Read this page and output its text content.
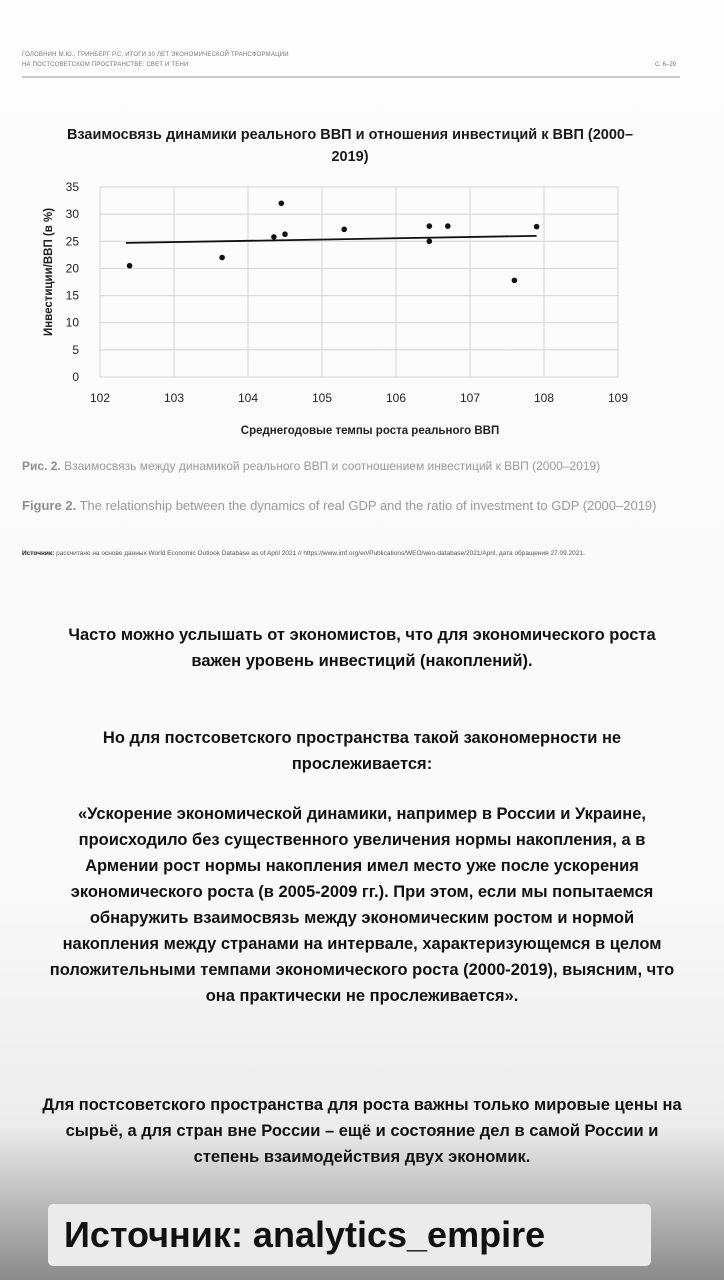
ГОЛОВНИН М.Ю., ГРИНБЕРГ Р.С. ИТОГИ 30 ЛЕТ ЭКОНОМИЧЕСКОЙ ТРАНСФОРМАЦИИ
НА ПОСТСОВЕТСКОМ ПРОСТРАНСТВЕ: СВЕТ И ТЕНИ	С. 6–29
Взаимосвязь динамики реального ВВП и отношения инвестиций к ВВП (2000–2019)
102	103	104	105	106	107	108	109
0
5
10
15
20
25
30
35
Инвестиции/ВВП (в %)
Среднегодовые темпы роста реального ВВП
Рис. 2. Взаимосвязь между динамикой реального ВВП и соотношением инвестиций к ВВП (2000–2019)
Figure 2. The relationship between the dynamics of real GDP and the ratio of investment to GDP (2000–2019)
Источник: рассчитано на основе данных World Economic Outlook Database as of April 2021 // https://www.imf.org/en/Publications/WEO/weo-database/2021/April, дата обращения 27.09.2021.
Часто можно услышать от экономистов, что для экономического роста важен уровень инвестиций (накоплений).
Но для постсоветского пространства такой закономерности не прослеживается:
«Ускорение экономической динамики, например в России и Украине, происходило без существенного увеличения нормы накопления, а в Армении рост нормы накопления имел место уже после ускорения экономического роста (в 2005-2009 гг.). При этом, если мы попытаемся обнаружить взаимосвязь между экономическим ростом и нормой накопления между странами на интервале, характеризующемся в целом положительными темпами экономического роста (2000-2019), выясним, что она практически не прослеживается».
Для постсоветского пространства для роста важны только мировые цены на сырьё, а для стран вне России – ещё и состояние дел в самой России и степень взаимодействия двух экономик.
Источник: analytics_empire
